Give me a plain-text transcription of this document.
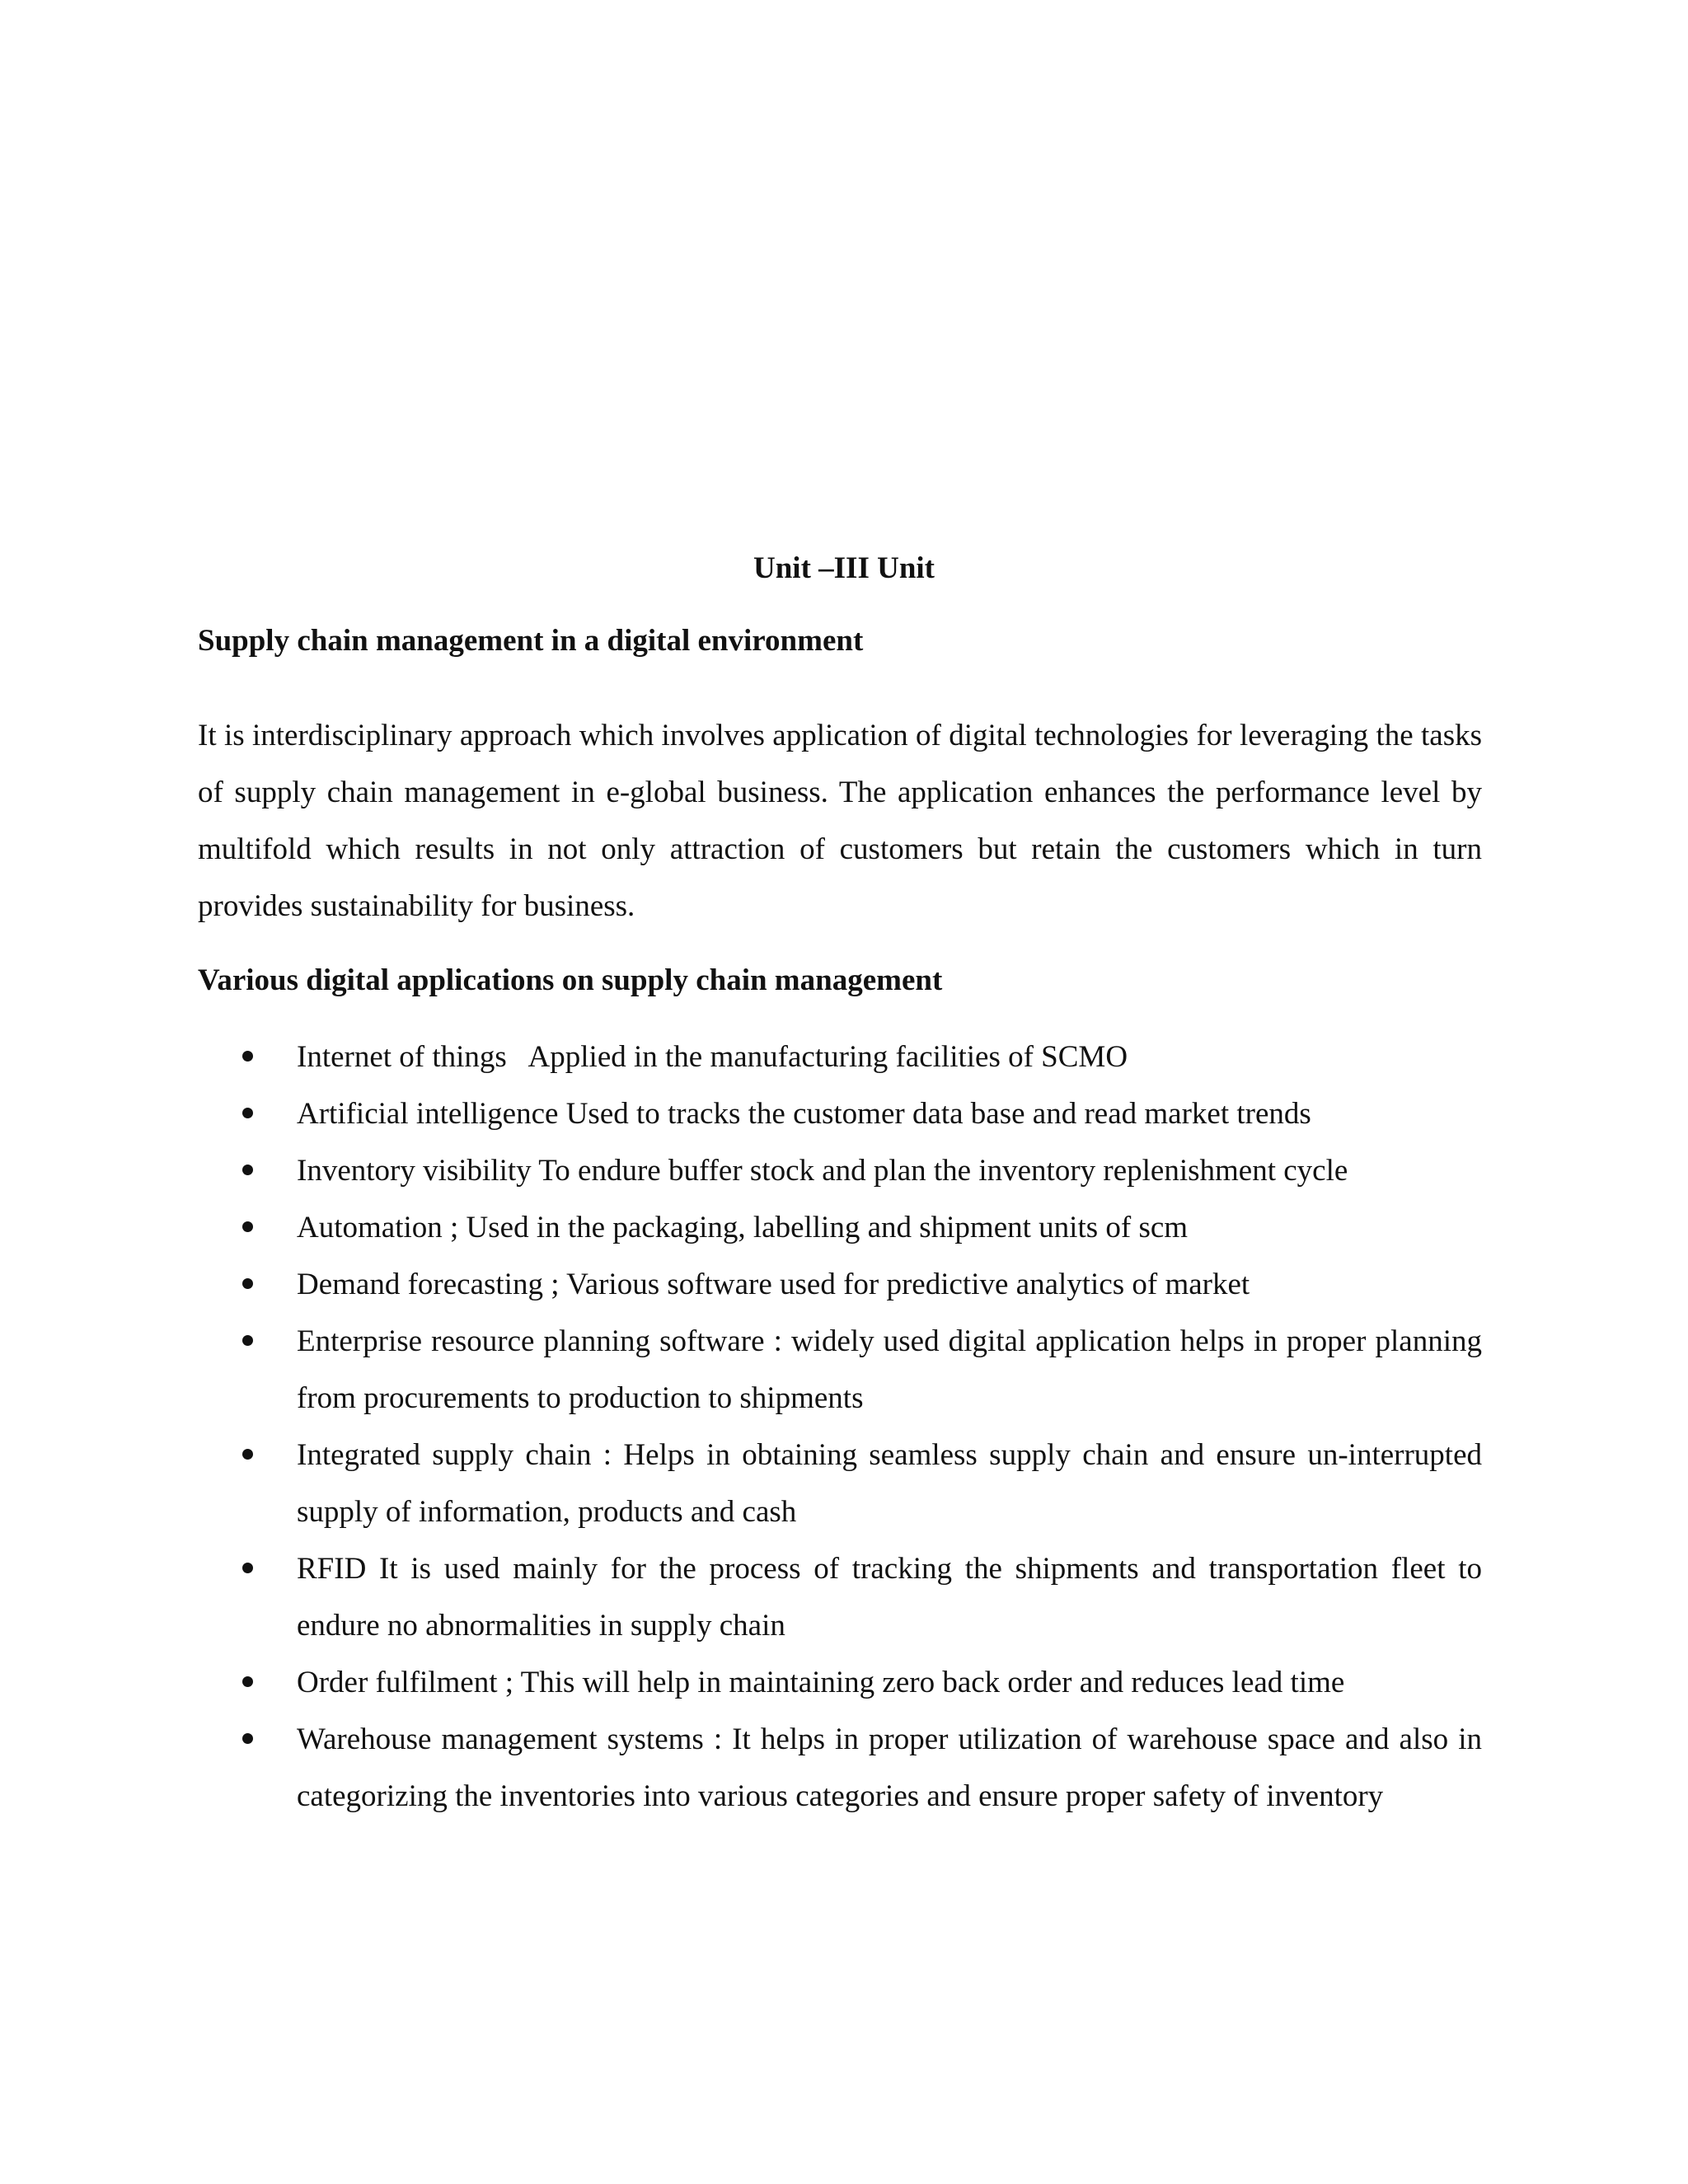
Unit –III Unit
Supply chain management in a digital environment

It is interdisciplinary approach which involves application of digital technologies for leveraging the tasks of supply chain management in e-global business. The application enhances the performance level by multifold which results in not only attraction of customers but retain the customers which in turn provides sustainability for business.

Various digital applications on supply chain management
Internet of things   Applied in the manufacturing facilities of SCMO
Artificial intelligence Used to tracks the customer data base and read market trends
Inventory visibility To endure buffer stock and plan the inventory replenishment cycle
Automation ; Used in the packaging, labelling and shipment units of scm
Demand forecasting ; Various software used for predictive analytics of market
Enterprise resource planning software : widely used digital application helps in proper planning from procurements to production to shipments
Integrated supply chain : Helps in obtaining seamless supply chain and ensure un-interrupted supply of information, products and cash
RFID It is used mainly for the process of tracking the shipments and transportation fleet to endure no abnormalities in supply chain
Order fulfilment ; This will help in maintaining zero back order and reduces lead time
Warehouse management systems : It helps in proper utilization of warehouse space and also in categorizing the inventories into various categories and ensure proper safety of inventory
